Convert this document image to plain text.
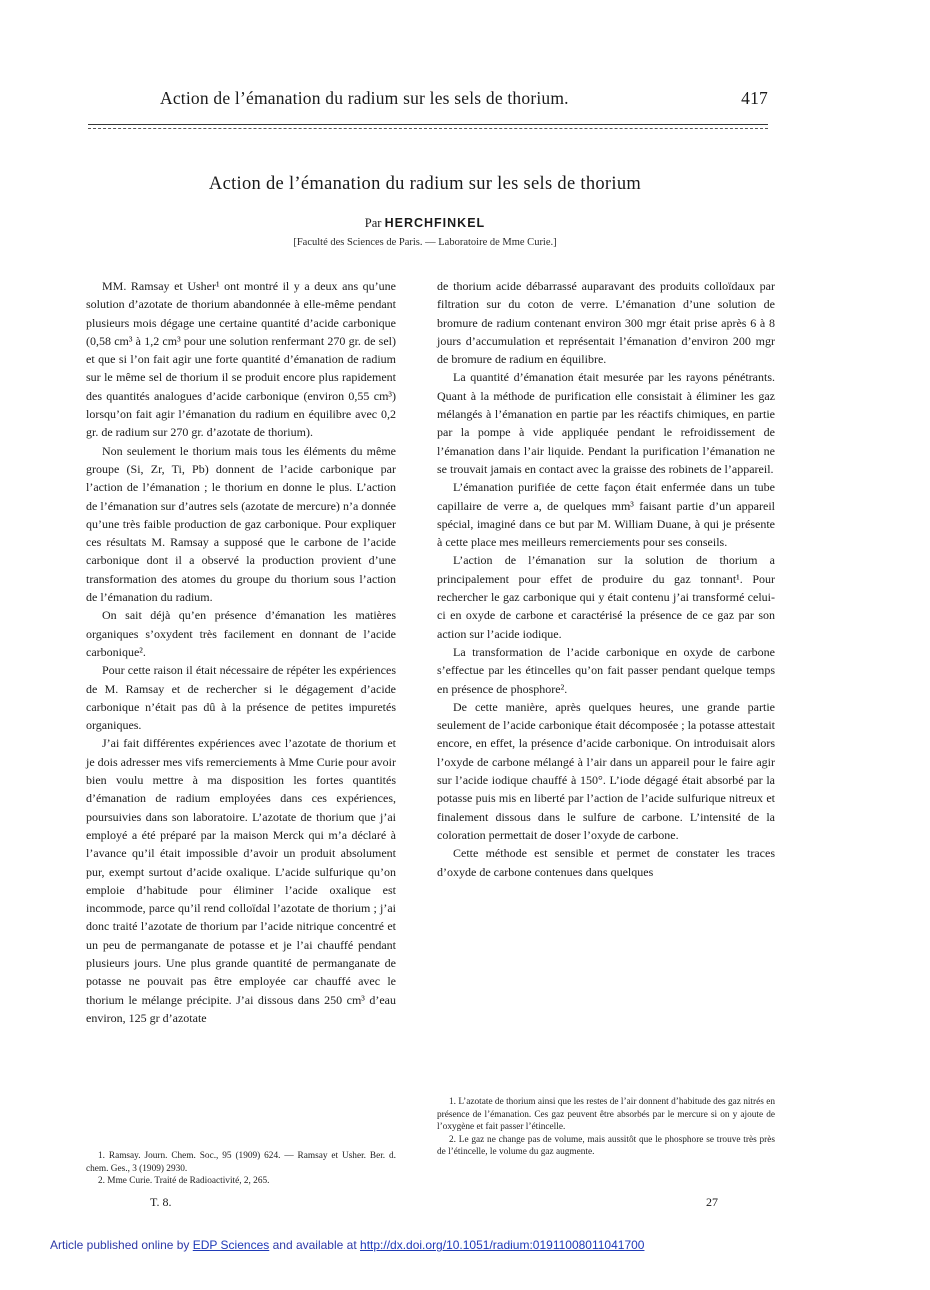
Action de l’émanation du radium sur les sels de thorium.	417
Action de l’émanation du radium sur les sels de thorium
Par HERCHFINKEL
[Faculté des Sciences de Paris. — Laboratoire de Mme Curie.]

MM. Ramsay et Usher¹ ont montré il y a deux ans qu’une solution d’azotate de thorium abandonnée à elle-même pendant plusieurs mois dégage une certaine quantité d’acide carbonique (0,58 cm³ à 1,2 cm³ pour une solution renfermant 270 gr. de sel) et que si l’on fait agir une forte quantité d’émanation de radium sur le même sel de thorium il se produit encore plus rapidement des quantités analogues d’acide carbonique (environ 0,55 cm³) lorsqu’on fait agir l’émanation du radium en équilibre avec 0,2 gr. de radium sur 270 gr. d’azotate de thorium).

Non seulement le thorium mais tous les éléments du même groupe (Si, Zr, Ti, Pb) donnent de l’acide carbonique par l’action de l’émanation ; le thorium en donne le plus. L’action de l’émanation sur d’autres sels (azotate de mercure) n’a donnée qu’une très faible production de gaz carbonique. Pour expliquer ces résultats M. Ramsay a supposé que le carbone de l’acide carbonique dont il a observé la production provient d’une transformation des atomes du groupe du thorium sous l’action de l’émanation du radium.

On sait déjà qu’en présence d’émanation les matières organiques s’oxydent très facilement en donnant de l’acide carbonique².

Pour cette raison il était nécessaire de répéter les expériences de M. Ramsay et de rechercher si le dégagement d’acide carbonique n’était pas dû à la présence de petites impuretés organiques.

J’ai fait différentes expériences avec l’azotate de thorium et je dois adresser mes vifs remerciements à Mme Curie pour avoir bien voulu mettre à ma disposition les fortes quantités d’émanation de radium employées dans ces expériences, poursuivies dans son laboratoire. L’azotate de thorium que j’ai employé a été préparé par la maison Merck qui m’a déclaré à l’avance qu’il était impossible d’avoir un produit absolument pur, exempt surtout d’acide oxalique. L’acide sulfurique qu’on emploie d’habitude pour éliminer l’acide oxalique est incommode, parce qu’il rend colloïdal l’azotate de thorium ; j’ai donc traité l’azotate de thorium par l’acide nitrique concentré et un peu de permanganate de potasse et je l’ai chauffé pendant plusieurs jours. Une plus grande quantité de permanganate de potasse ne pouvait pas être employée car chauffé avec le thorium le mélange précipite. J’ai dissous dans 250 cm³ d’eau environ, 125 gr d’azotate

de thorium acide débarrassé auparavant des produits colloïdaux par filtration sur du coton de verre. L’émanation d’une solution de bromure de radium contenant environ 300 mgr était prise après 6 à 8 jours d’accumulation et représentait l’émanation d’environ 200 mgr de bromure de radium en équilibre.

La quantité d’émanation était mesurée par les rayons pénétrants. Quant à la méthode de purification elle consistait à éliminer les gaz mélangés à l’émanation en partie par les réactifs chimiques, en partie par la pompe à vide appliquée pendant le refroidissement de l’émanation dans l’air liquide. Pendant la purification l’émanation ne se trouvait jamais en contact avec la graisse des robinets de l’appareil.

L’émanation purifiée de cette façon était enfermée dans un tube capillaire de verre a, de quelques mm³ faisant partie d’un appareil spécial, imaginé dans ce but par M. William Duane, à qui je présente à cette place mes meilleurs remerciements pour ses conseils.

L’action de l’émanation sur la solution de thorium a principalement pour effet de produire du gaz tonnant¹. Pour rechercher le gaz carbonique qui y était contenu j’ai transformé celui-ci en oxyde de carbone et caractérisé la présence de ce gaz par son action sur l’acide iodique.

La transformation de l’acide carbonique en oxyde de carbone s’effectue par les étincelles qu’on fait passer pendant quelque temps en présence de phosphore².

De cette manière, après quelques heures, une grande partie seulement de l’acide carbonique était décomposée ; la potasse attestait encore, en effet, la présence d’acide carbonique. On introduisait alors l’oxyde de carbone mélangé à l’air dans un appareil pour le faire agir sur l’acide iodique chauffé à 150°. L’iode dégagé était absorbé par la potasse puis mis en liberté par l’action de l’acide sulfurique nitreux et finalement dissous dans le sulfure de carbone. L’intensité de la coloration permettait de doser l’oxyde de carbone.

Cette méthode est sensible et permet de constater les traces d’oxyde de carbone contenues dans quelques

1. L’azotate de thorium ainsi que les restes de l’air donnent d’habitude des gaz nitrés en présence de l’émanation. Ces gaz peuvent être absorbés par le mercure si on y ajoute de l’oxygène et fait passer l’étincelle.

2. Le gaz ne change pas de volume, mais aussitôt que le phosphore se trouve très près de l’étincelle, le volume du gaz augmente.

1. Ramsay. Journ. Chem. Soc., 95 (1909) 624. — Ramsay et Usher. Ber. d. chem. Ges., 3 (1909) 2930.

2. Mme Curie. Traité de Radioactivité, 2, 265.

T. 8.	27
Article published online by EDP Sciences and available at http://dx.doi.org/10.1051/radium:01911008011041700
